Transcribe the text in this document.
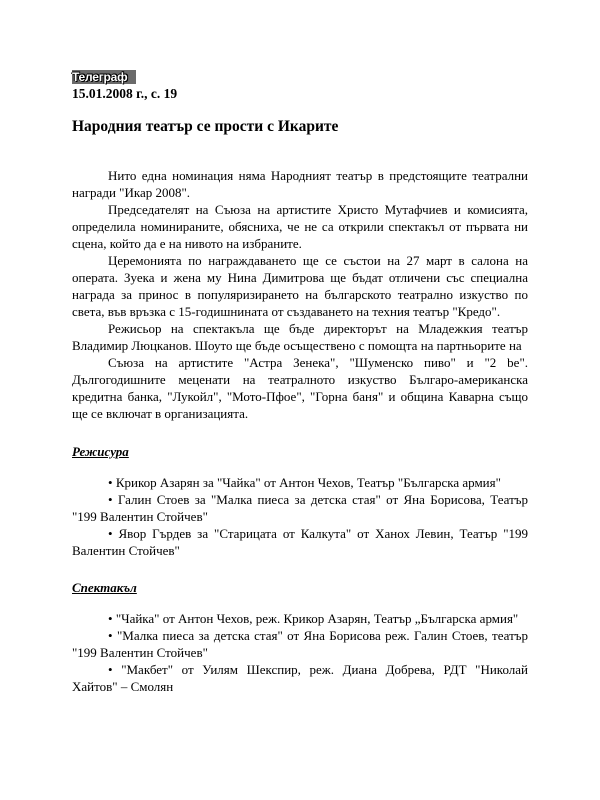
Телеграф
15.01.2008 г., с. 19
Народния театър се прости с Икарите

Нито една номинация няма Народният театър в предстоящите театрални награди "Икар 2008".

Председателят на Съюза на артистите Христо Мутафчиев и комисията, определила номинираните, обясниха, че не са открили спектакъл от първата ни сцена, който да е на нивото на избраните.

Церемонията по награждаването ще се състои на 27 март в салона на операта. Зуека и жена му Нина Димитрова ще бъдат отличени със специална награда за принос в популяризирането на българското театрално изкуство по света, във връзка с 15-годишнината от създаването на техния театър "Кредо".

Режисьор на спектакъла ще бъде директорът на Младежкия театър Владимир Люцканов. Шоуто ще бъде осъществено с помощта на партньорите на

Съюза на артистите "Астра Зенека", "Шуменско пиво" и "2 be". Дългогодишните меценати на театралното изкуство Българо-американска кредитна банка, "Лукойл", "Мото-Пфое", "Горна баня" и община Каварна също ще се включат в организацията.

Режисура

• Крикор Азарян за "Чайка" от Антон Чехов, Театър "Българска армия"

• Галин Стоев за "Малка пиеса за детска стая" от Яна Борисова, Театър "199 Валентин Стойчев"

• Явор Гърдев за "Старицата от Калкута" от Ханох Левин, Театър "199 Валентин Стойчев"

Спектакъл

• "Чайка" от Антон Чехов, реж. Крикор Азарян, Театър „Българска армия"

• "Малка пиеса за детска стая" от Яна Борисова реж. Галин Стоев, театър "199 Валентин Стойчев"

• "Макбет" от Уилям Шекспир, реж. Диана Добрева, РДТ "Николай Хайтов" – Смолян
